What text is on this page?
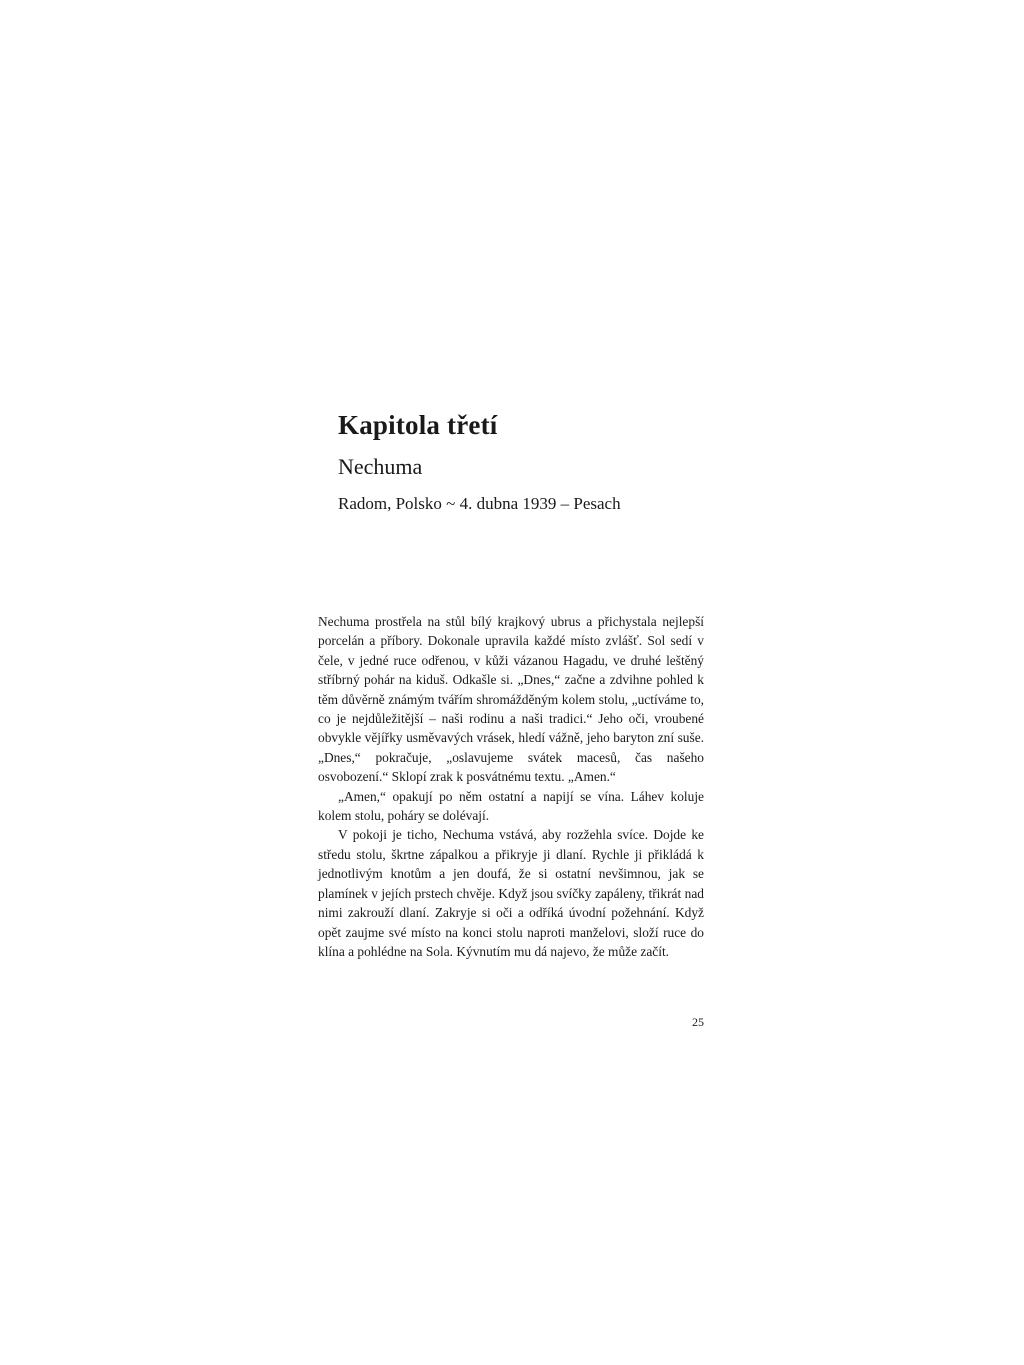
Kapitola třetí
Nechuma

Radom, Polsko ~ 4. dubna 1939 – Pesach

Nechuma prostřela na stůl bílý krajkový ubrus a přichystala nejlepší porcelán a příbory. Dokonale upravila každé místo zvlášť. Sol sedí v čele, v jedné ruce odřenou, v kůži vázanou Hagadu, ve druhé leštěný stříbrný pohár na kiduš. Odkašle si. „Dnes,“ začne a zdvihne pohled k těm důvěrně známým tvářím shromážděným kolem stolu, „uctíváme to, co je nejdůležitější – naši rodinu a naši tradici.“ Jeho oči, vroubené obvykle vějířky usměvavých vrásek, hledí vážně, jeho baryton zní suše. „Dnes,“ pokračuje, „oslavujeme svátek macesů, čas našeho osvobození.“ Sklopí zrak k posvátnému textu. „Amen.“

„Amen,“ opakují po něm ostatní a napijí se vína. Láhev koluje kolem stolu, poháry se dolévají.

V pokoji je ticho, Nechuma vstává, aby rozžehla svíce. Dojde ke středu stolu, škrtne zápalkou a přikryje ji dlaní. Rychle ji přikládá k jednotlivým knotům a jen doufá, že si ostatní nevšimnou, jak se plamínek v jejích prstech chvěje. Když jsou svíčky zapáleny, třikrát nad nimi zakrouží dlaní. Zakryje si oči a odříká úvodní požehnání. Když opět zaujme své místo na konci stolu naproti manželovi, složí ruce do klína a pohlédne na Sola. Kývnutím mu dá najevo, že může začít.

25
